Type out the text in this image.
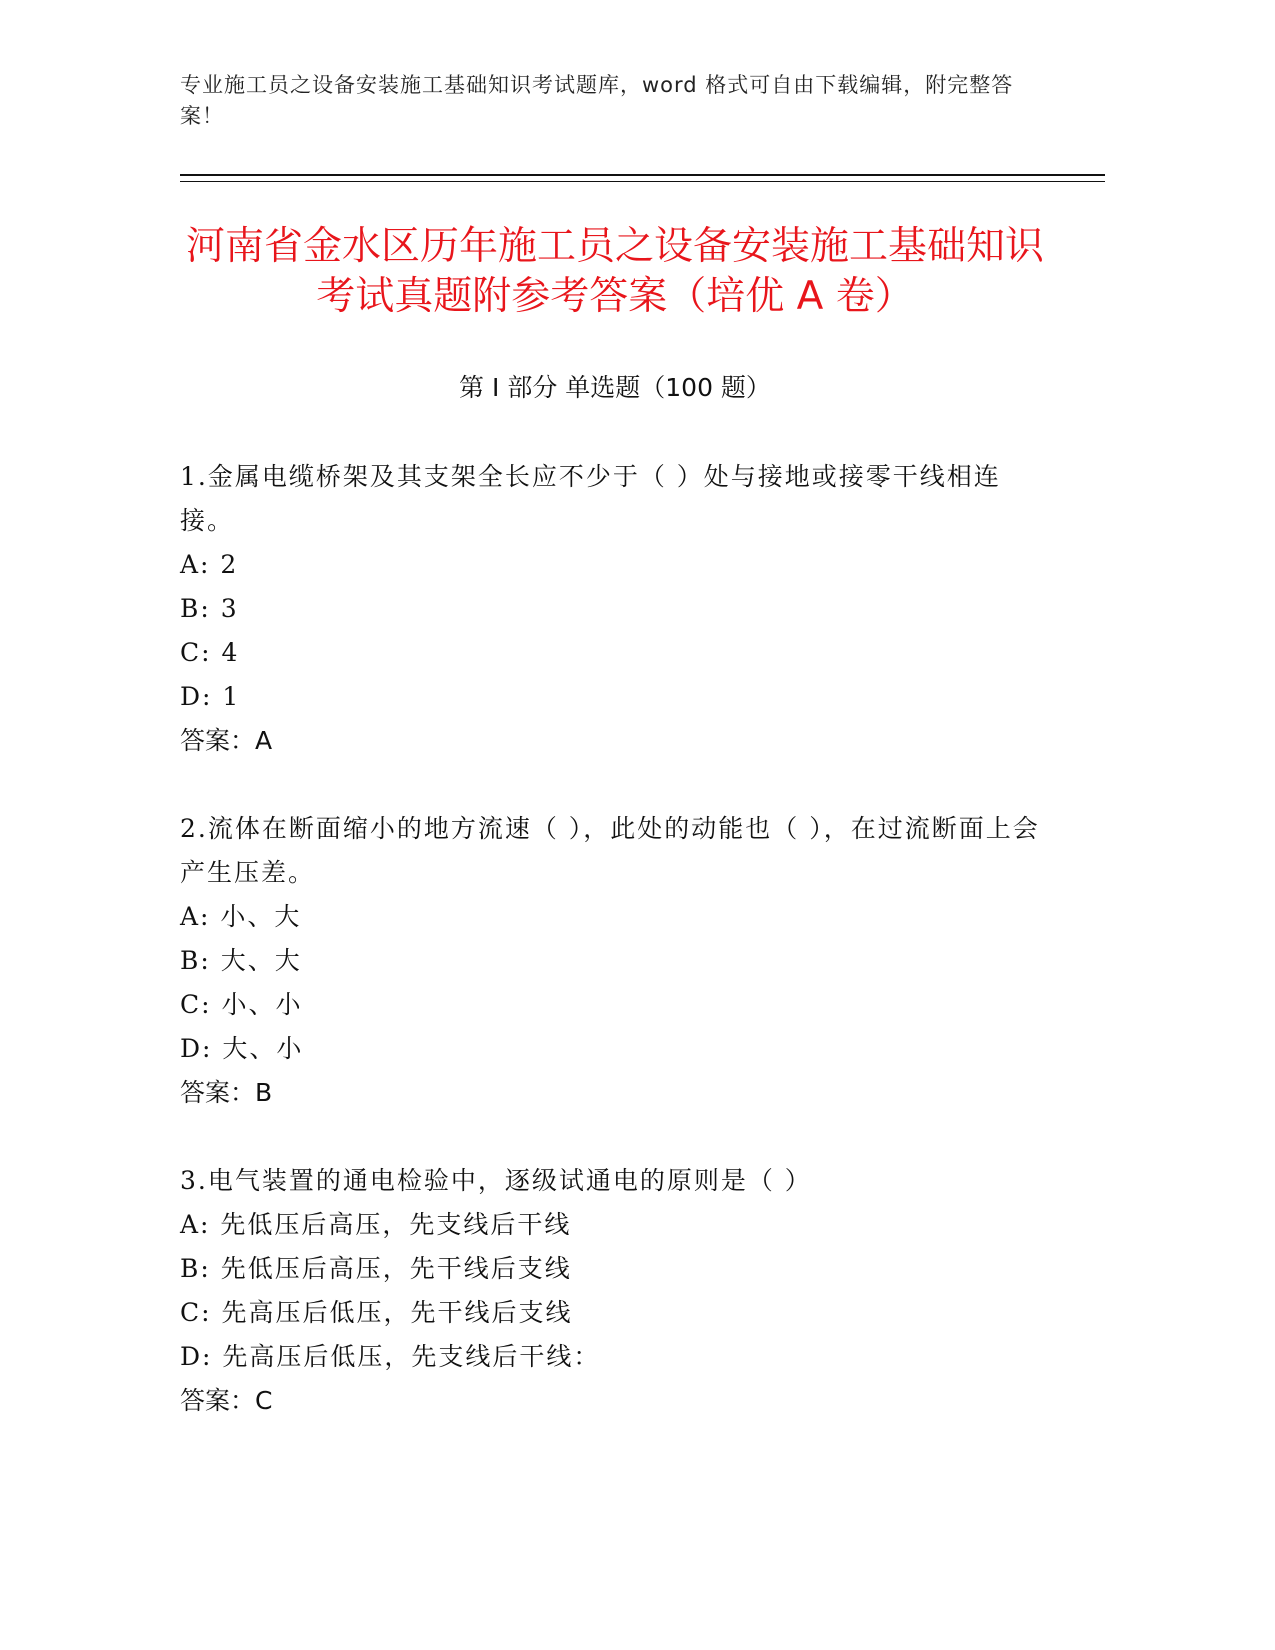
专业施工员之设备安装施工基础知识考试题库，word 格式可自由下载编辑，附完整答案！
河南省金水区历年施工员之设备安装施工基础知识考试真题附参考答案（培优 A 卷）
第 I 部分 单选题（100 题）
1.金属电缆桥架及其支架全长应不少于（ ）处与接地或接零干线相连接。
A: 2
B: 3
C: 4
D: 1
答案：A
2.流体在断面缩小的地方流速（ ），此处的动能也（ ），在过流断面上会产生压差。
A: 小、大
B: 大、大
C: 小、小
D: 大、小
答案：B
3.电气装置的通电检验中，逐级试通电的原则是（ ）
A: 先低压后高压，先支线后干线
B: 先低压后高压，先干线后支线
C: 先高压后低压，先干线后支线
D: 先高压后低压，先支线后干线：
答案：C
